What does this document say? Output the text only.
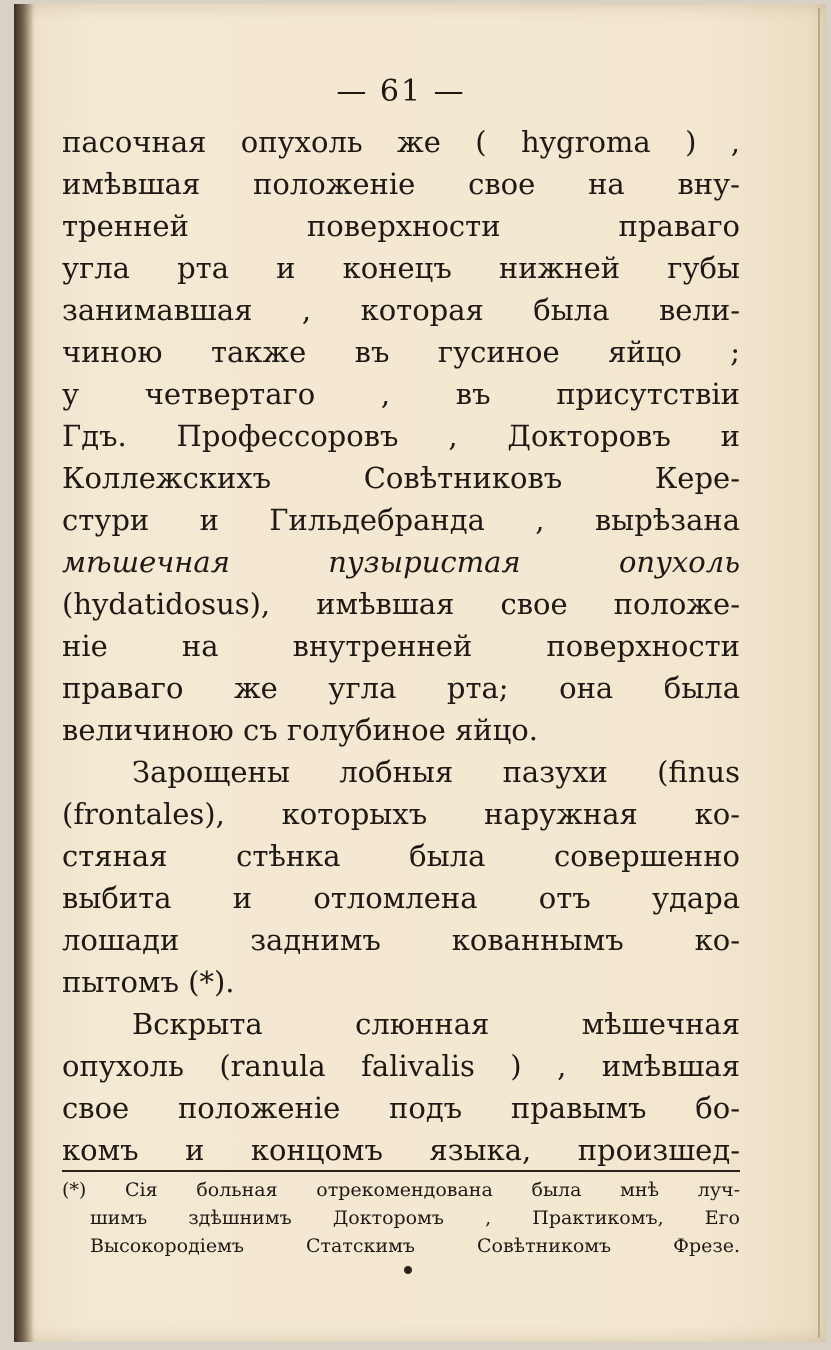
— 61 —
пасочная опухоль же ( hygroma ) ,
имѣвшая положеніе свое на вну-
тренней поверхности праваго
угла рта и конецъ нижней губы
занимавшая , которая была вели-
чиною также въ гусиное яйцо ;
у четвертаго , въ присутствіи
Гдъ. Профессоровъ , Докторовъ и
Коллежскихъ Совѣтниковъ Кере-
стури и Гильдебранда , вырѣзана
мѣшечная пузыристая опухоль
(hydatidosus), имѣвшая свое положе-
ніе на внутренней поверхности
праваго же угла рта; она была
величиною съ голубиное яйцо.
Зарощены лобныя пазухи (finus
(frontales), которыхъ наружная ко-
стяная стѣнка была совершенно
выбита и отломлена отъ удара
лошади заднимъ кованнымъ ко-
пытомъ (*).
Вскрыта слюнная мѣшечная
опухоль (ranula falivalis ) , имѣвшая
свое положеніе подъ правымъ бо-
комъ и концомъ языка, произшед-
(*) Сія больная отрекомендована была мнѣ луч-
шимъ здѣшнимъ Докторомъ , Практикомъ, Его
Высокородіемъ Статскимъ Совѣтникомъ Фрезе.
